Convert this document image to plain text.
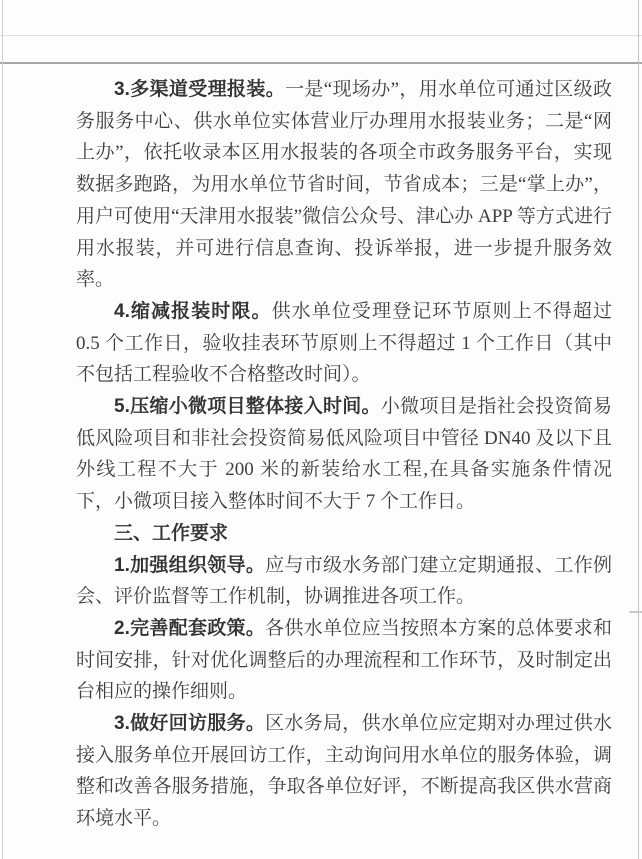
3.多渠道受理报装。一是“现场办”，用水单位可通过区级政务服务中心、供水单位实体营业厅办理用水报装业务；二是“网上办”，依托收录本区用水报装的各项全市政务服务平台，实现数据多跑路，为用水单位节省时间，节省成本；三是“掌上办”，用户可使用“天津用水报装”微信公众号、津心办 APP 等方式进行用水报装，并可进行信息查询、投诉举报，进一步提升服务效率。

4.缩减报装时限。供水单位受理登记环节原则上不得超过 0.5 个工作日，验收挂表环节原则上不得超过 1 个工作日（其中不包括工程验收不合格整改时间）。

5.压缩小微项目整体接入时间。小微项目是指社会投资简易低风险项目和非社会投资简易低风险项目中管径 DN40 及以下且外线工程不大于 200 米的新装给水工程,在具备实施条件情况下，小微项目接入整体时间不大于 7 个工作日。

三、工作要求

1.加强组织领导。应与市级水务部门建立定期通报、工作例会、评价监督等工作机制，协调推进各项工作。

2.完善配套政策。各供水单位应当按照本方案的总体要求和时间安排，针对优化调整后的办理流程和工作环节，及时制定出台相应的操作细则。

3.做好回访服务。区水务局，供水单位应定期对办理过供水接入服务单位开展回访工作，主动询问用水单位的服务体验，调整和改善各服务措施，争取各单位好评，不断提高我区供水营商环境水平。
